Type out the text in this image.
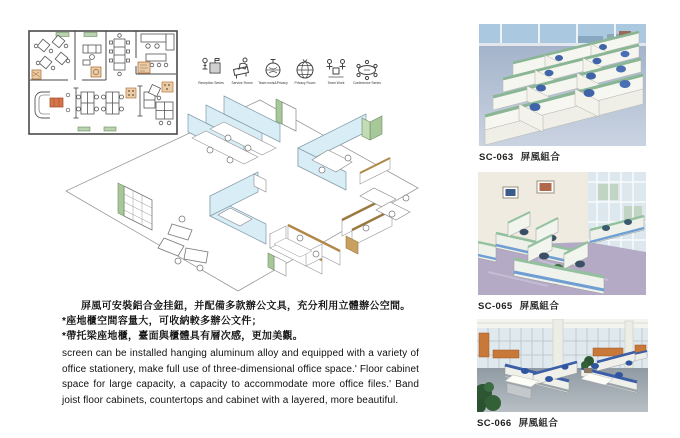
Reception Series Service Room Team work&Privacy Privacy Room Team Work Conference Series
屏風可安裝鋁合金挂鈕，并配備多款辦公文具，充分利用立體辦公空間。
*座地櫃空間容量大，可收納較多辦公文件；
*帶托梁座地櫃，臺面與櫃體具有層次感，更加美觀。
screen can be installed hanging aluminum alloy and equipped with a variety of office stationery, make full use of three-dimensional office space.' Floor cabinet space for large capacity, a capacity to accommodate more office files.' Band joist floor cabinets, countertops and cabinet with a layered, more beautiful.
SC-063 屏風組合
SC-065 屏風組合
SC-066 屏風組合
